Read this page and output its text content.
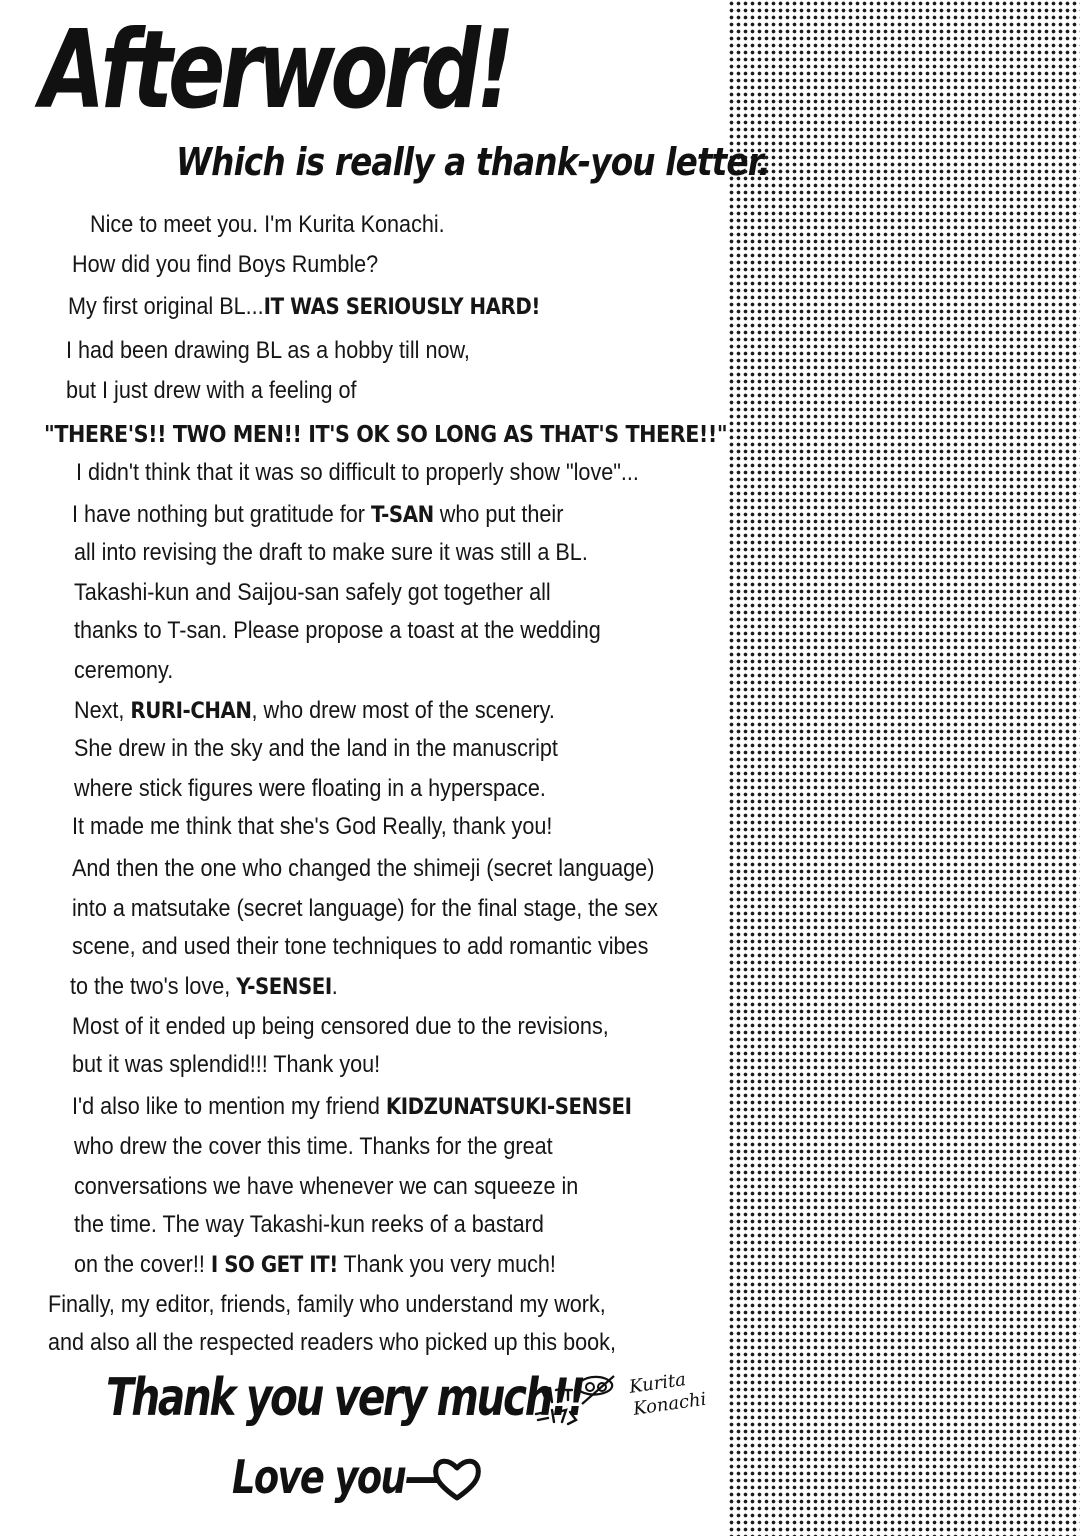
Afterword!
Which is really a thank-you letter.
Nice to meet you. I'm Kurita Konachi.
How did you find Boys Rumble?
My first original BL...IT WAS SERIOUSLY HARD!
I had been drawing BL as a hobby till now,
but I just drew with a feeling of
"THERE'S!! TWO MEN!! IT'S OK SO LONG AS THAT'S THERE!!"
I didn't think that it was so difficult to properly show "love"...
I have nothing but gratitude for T-SAN who put their
all into revising the draft to make sure it was still a BL.
Takashi-kun and Saijou-san safely got together all
thanks to T-san. Please propose a toast at the wedding
ceremony.
Next, RURI-CHAN, who drew most of the scenery.
She drew in the sky and the land in the manuscript
where stick figures were floating in a hyperspace.
It made me think that she's God Really, thank you!
And then the one who changed the shimeji (secret language)
into a matsutake (secret language) for the final stage, the sex
scene, and used their tone techniques to add romantic vibes
to the two's love, Y-SENSEI.
Most of it ended up being censored due to the revisions,
but it was splendid!!! Thank you!
I'd also like to mention my friend KIDZUNATSUKI-SENSEI
who drew the cover this time. Thanks for the great
conversations we have whenever we can squeeze in
the time. The way Takashi-kun reeks of a bastard
on the cover!! I SO GET IT! Thank you very much!
Finally, my editor, friends, family who understand my work,
and also all the respected readers who picked up this book,
Thank you very much!!
Love you—
Kurita
Konachi
